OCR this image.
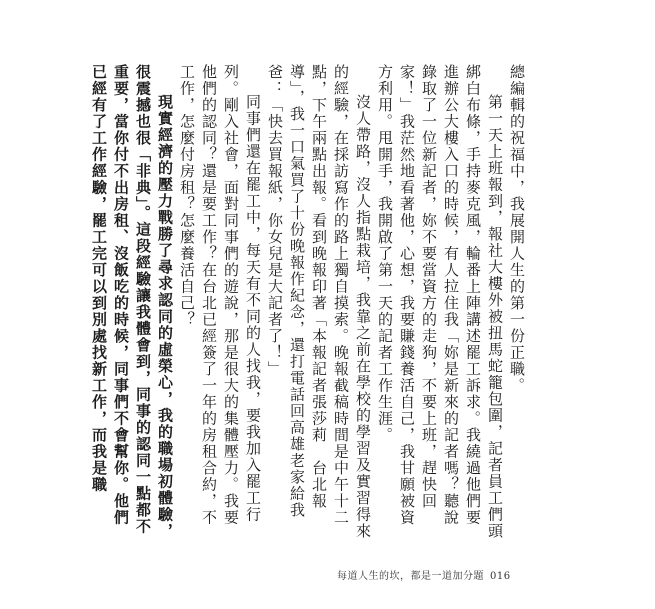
總編輯的祝福中，我展開人生的第一份正職。

第一天上班報到，報社大樓外被扭馬蛇籠包圍，記者員工們頭綁白布條，手持麥克風，輪番上陣講述罷工訴求。我繞過他們要進辦公大樓入口的時候，有人拉住我「妳是新來的記者嗎？聽說錄取了一位新記者，妳不要當資方的走狗，不要上班，趕快回家！」我茫然地看著他，心想，我要賺錢養活自己，我甘願被資方利用。甩開手，我開啟了第一天的記者工作生涯。

沒人帶路，沒人指點栽培，我靠之前在學校的學習及實習得來的經驗，在採訪寫作的路上獨自摸索。晚報截稿時間是中午十二點，下午兩點出報。看到晚報印著「本報記者張莎莉　台北報導」，我一口氣買了十份晚報作紀念，還打電話回高雄老家給我爸：「快去買報紙，你女兒是大記者了！」

同事們還在罷工中，每天有不同的人找我，要我加入罷工行列。剛入社會，面對同事們的遊說，那是很大的集體壓力。我要他們的認同？還是要工作？在台北已經簽了一年的房租合約，不工作，怎麼付房租？怎麼養活自己？

現實經濟的壓力戰勝了尋求認同的虛榮心，我的職場初體驗，很震撼也很「非典」。這段經驗讓我體會到，同事的認同一點都不重要，當你付不出房租、沒飯吃的時候，同事們不會幫你。他們已經有了工作經驗，罷工完可以到別處找新工作，而我是職

每道人生的坎，都是一道加分題 016
